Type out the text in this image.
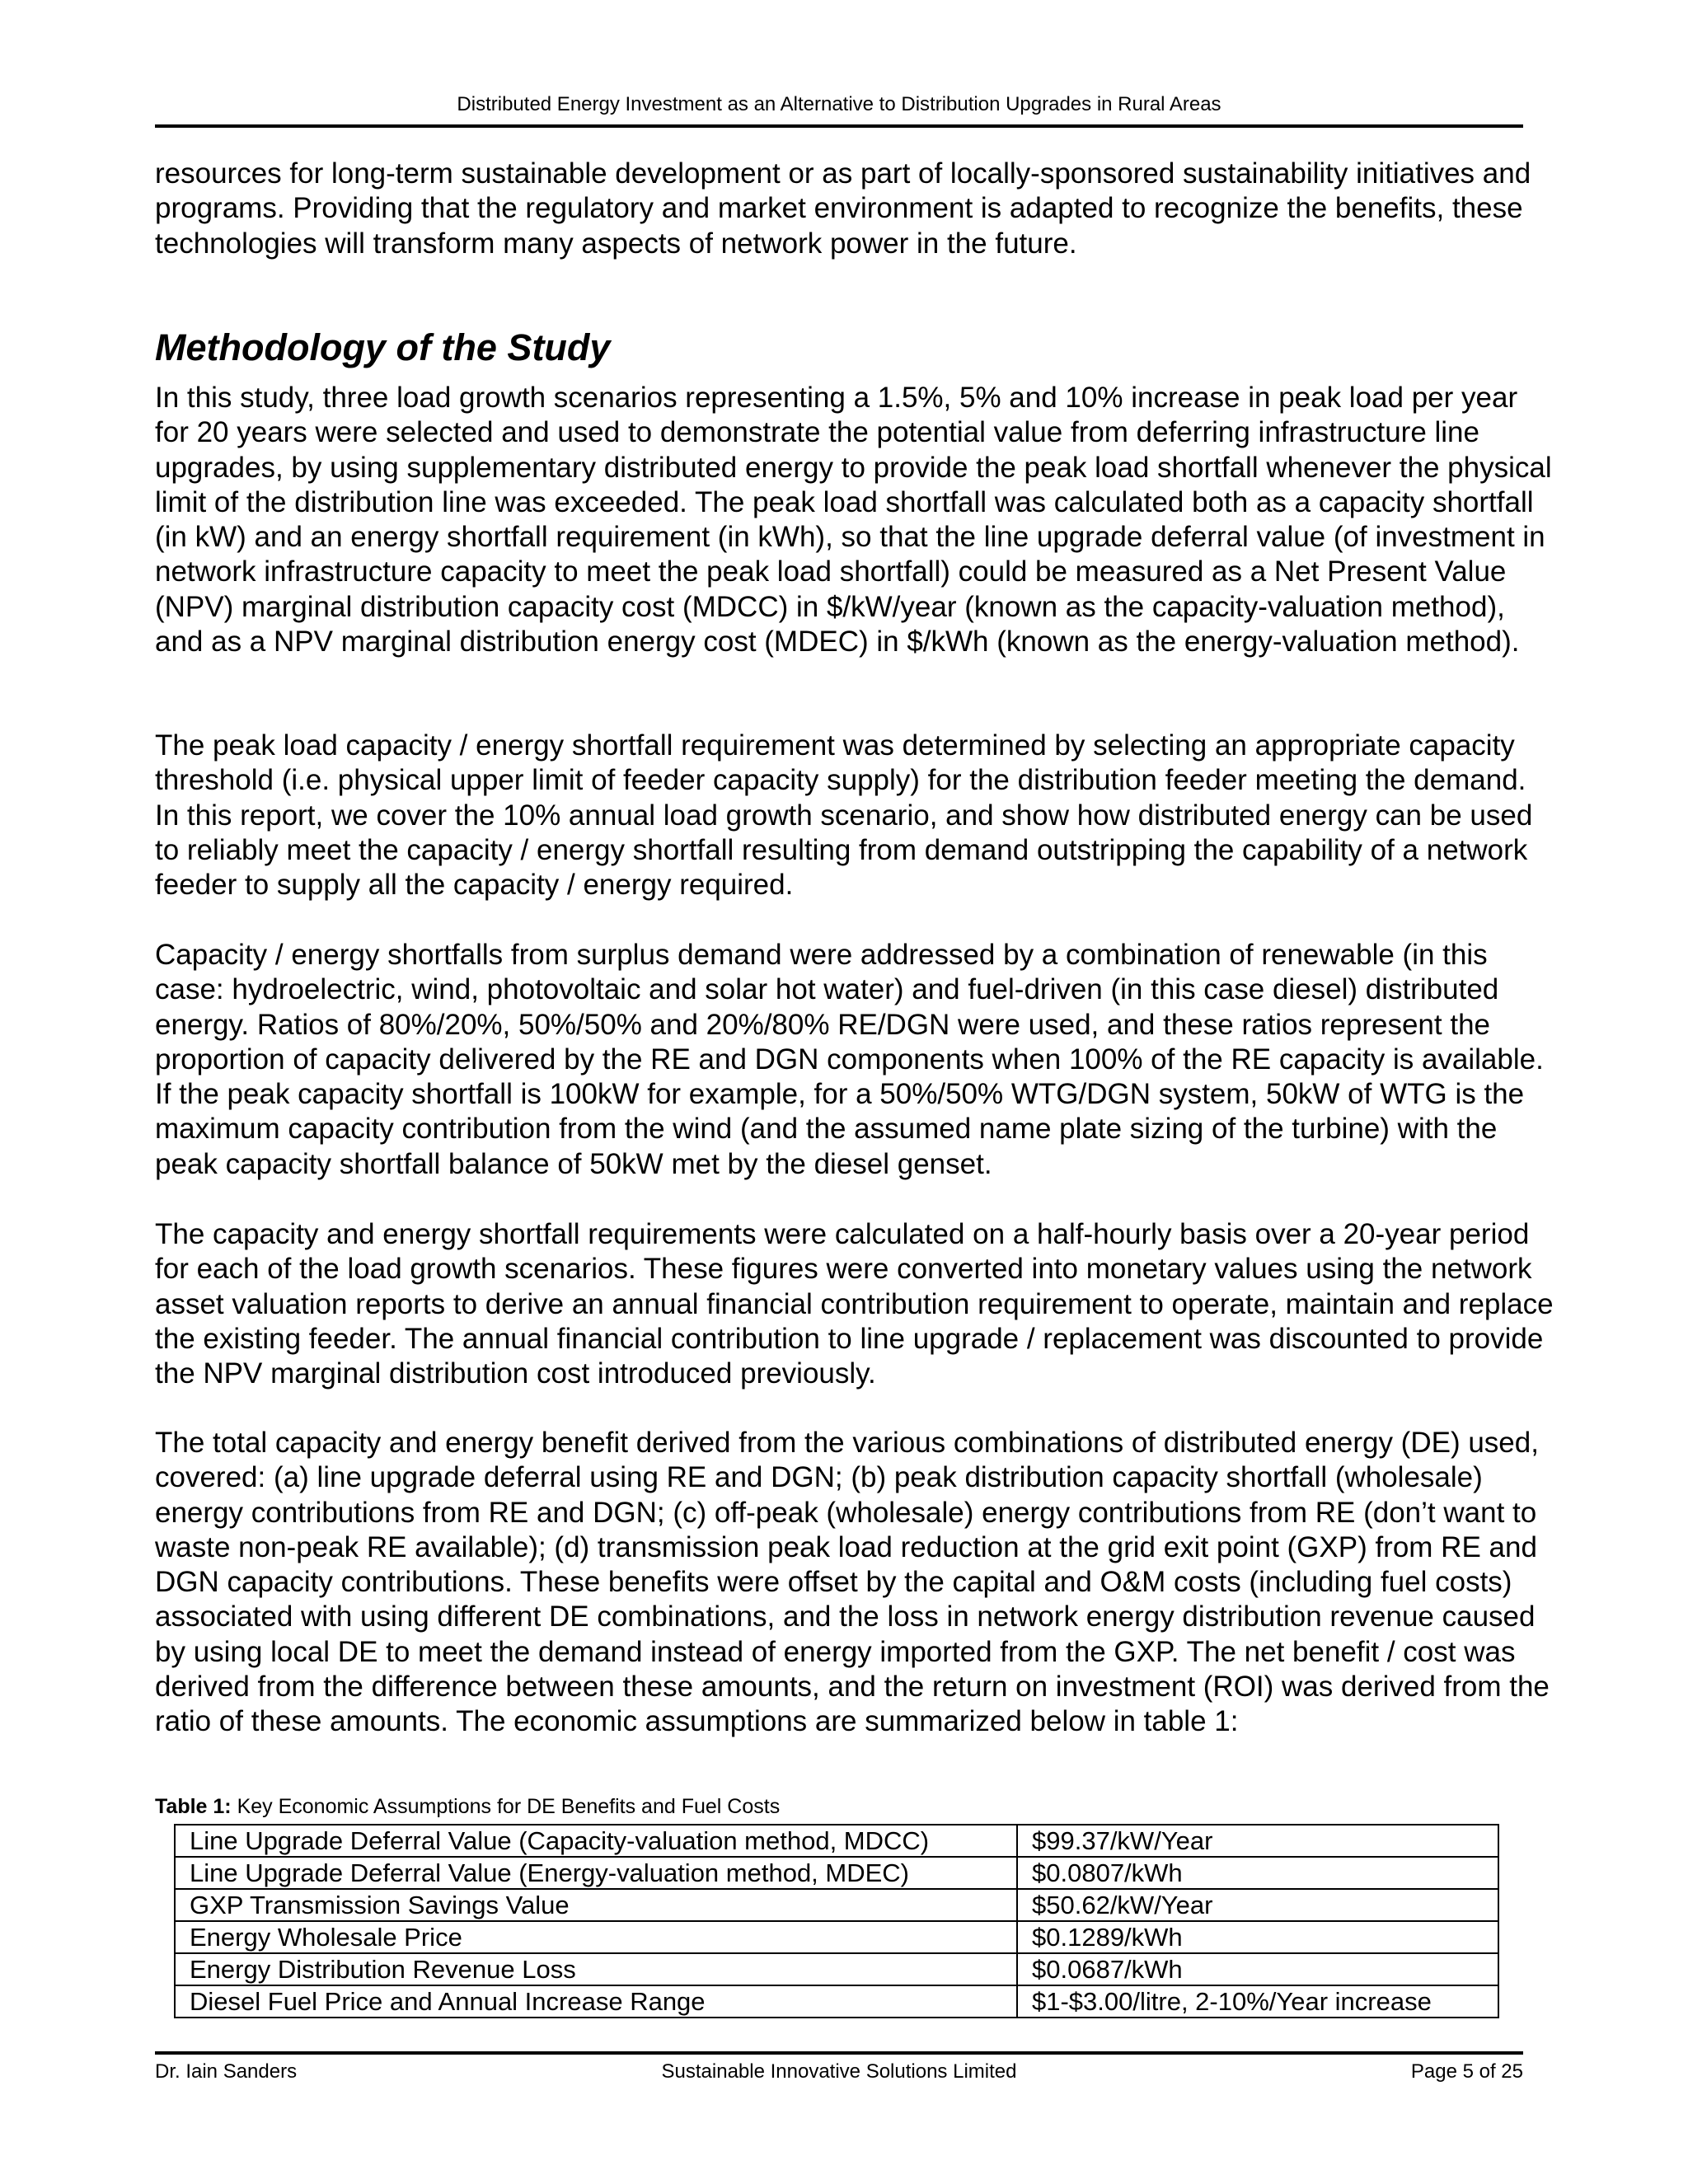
Distributed Energy Investment as an Alternative to Distribution Upgrades in Rural Areas

resources for long-term sustainable development or as part of locally-sponsored sustainability initiatives and programs. Providing that the regulatory and market environment is adapted to recognize the benefits, these technologies will transform many aspects of network power in the future.

Methodology of the Study

In this study, three load growth scenarios representing a 1.5%, 5% and 10% increase in peak load per year for 20 years were selected and used to demonstrate the potential value from deferring infrastructure line upgrades, by using supplementary distributed energy to provide the peak load shortfall whenever the physical limit of the distribution line was exceeded. The peak load shortfall was calculated both as a capacity shortfall (in kW) and an energy shortfall requirement (in kWh), so that the line upgrade deferral value (of investment in network infrastructure capacity to meet the peak load shortfall) could be measured as a Net Present Value (NPV) marginal distribution capacity cost (MDCC) in $/kW/year (known as the capacity-valuation method), and as a NPV marginal distribution energy cost (MDEC) in $/kWh (known as the energy-valuation method).

The peak load capacity / energy shortfall requirement was determined by selecting an appropriate capacity threshold (i.e. physical upper limit of feeder capacity supply) for the distribution feeder meeting the demand. In this report, we cover the 10% annual load growth scenario, and show how distributed energy can be used to reliably meet the capacity / energy shortfall resulting from demand outstripping the capability of a network feeder to supply all the capacity / energy required.

Capacity / energy shortfalls from surplus demand were addressed by a combination of renewable (in this case: hydroelectric, wind, photovoltaic and solar hot water) and fuel-driven (in this case diesel) distributed energy. Ratios of 80%/20%, 50%/50% and 20%/80% RE/DGN were used, and these ratios represent the proportion of capacity delivered by the RE and DGN components when 100% of the RE capacity is available. If the peak capacity shortfall is 100kW for example, for a 50%/50% WTG/DGN system, 50kW of WTG is the maximum capacity contribution from the wind (and the assumed name plate sizing of the turbine) with the peak capacity shortfall balance of 50kW met by the diesel genset.

The capacity and energy shortfall requirements were calculated on a half-hourly basis over a 20-year period for each of the load growth scenarios. These figures were converted into monetary values using the network asset valuation reports to derive an annual financial contribution requirement to operate, maintain and replace the existing feeder. The annual financial contribution to line upgrade / replacement was discounted to provide the NPV marginal distribution cost introduced previously.

The total capacity and energy benefit derived from the various combinations of distributed energy (DE) used, covered: (a) line upgrade deferral using RE and DGN; (b) peak distribution capacity shortfall (wholesale) energy contributions from RE and DGN; (c) off-peak (wholesale) energy contributions from RE (don’t want to waste non-peak RE available); (d) transmission peak load reduction at the grid exit point (GXP) from RE and DGN capacity contributions. These benefits were offset by the capital and O&M costs (including fuel costs) associated with using different DE combinations, and the loss in network energy distribution revenue caused by using local DE to meet the demand instead of energy imported from the GXP. The net benefit / cost was derived from the difference between these amounts, and the return on investment (ROI) was derived from the ratio of these amounts. The economic assumptions are summarized below in table 1:

Table 1: Key Economic Assumptions for DE Benefits and Fuel Costs
Line Upgrade Deferral Value (Capacity-valuation method, MDCC)	$99.37/kW/Year
Line Upgrade Deferral Value (Energy-valuation method, MDEC)	$0.0807/kWh
GXP Transmission Savings Value	$50.62/kW/Year
Energy Wholesale Price	$0.1289/kWh
Energy Distribution Revenue Loss	$0.0687/kWh
Diesel Fuel Price and Annual Increase Range	$1-$3.00/litre, 2-10%/Year increase
Dr. Iain Sanders	Sustainable Innovative Solutions Limited	Page 5 of 25
